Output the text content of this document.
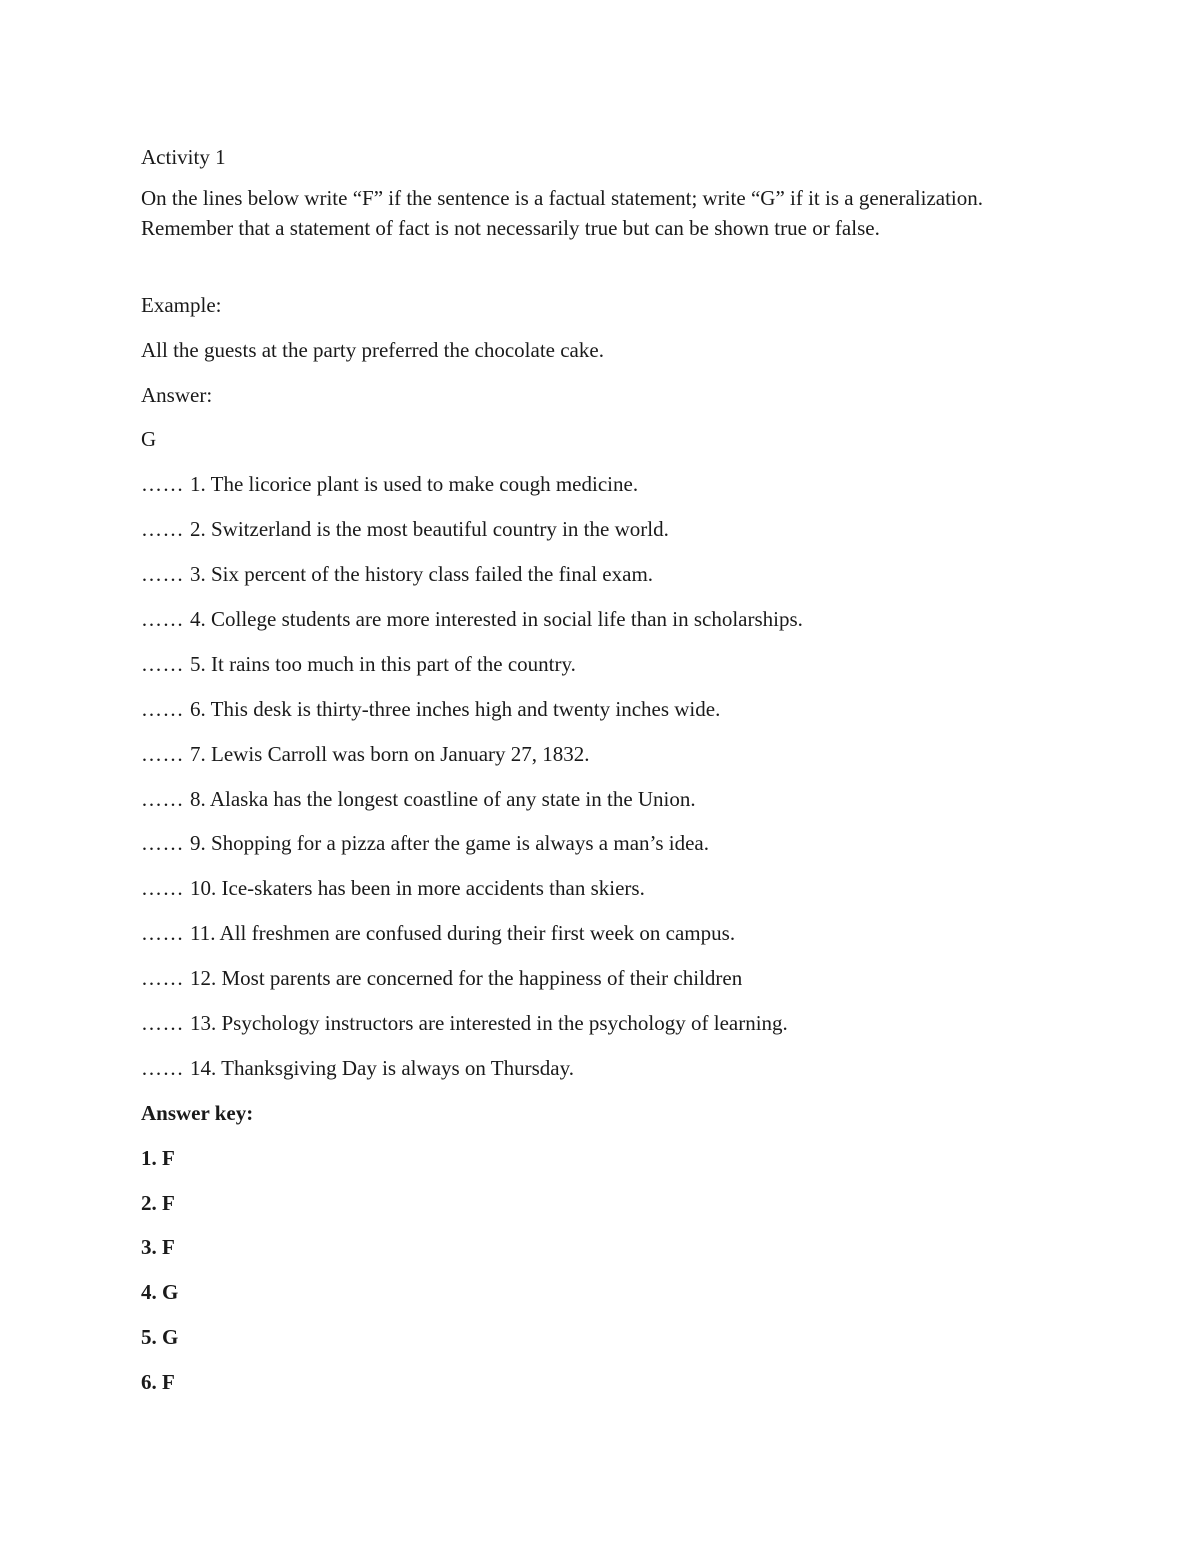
Activity 1
On the lines below write “F” if the sentence is a factual statement; write “G” if it is a generalization. Remember that a statement of fact is not necessarily true but can be shown true or false.
Example:
All the guests at the party preferred the chocolate cake.
Answer:
G
…… 1. The licorice plant is used to make cough medicine.
…… 2. Switzerland is the most beautiful country in the world.
…… 3. Six percent of the history class failed the final exam.
…… 4. College students are more interested in social life than in scholarships.
…… 5. It rains too much in this part of the country.
…… 6. This desk is thirty-three inches high and twenty inches wide.
…… 7. Lewis Carroll was born on January 27, 1832.
…… 8. Alaska has the longest coastline of any state in the Union.
…… 9. Shopping for a pizza after the game is always a man’s idea.
…… 10. Ice-skaters has been in more accidents than skiers.
…… 11. All freshmen are confused during their first week on campus.
…… 12. Most parents are concerned for the happiness of their children
…… 13. Psychology instructors are interested in the psychology of learning.
…… 14. Thanksgiving Day is always on Thursday.
Answer key:
1. F
2. F
3. F
4. G
5. G
6. F
